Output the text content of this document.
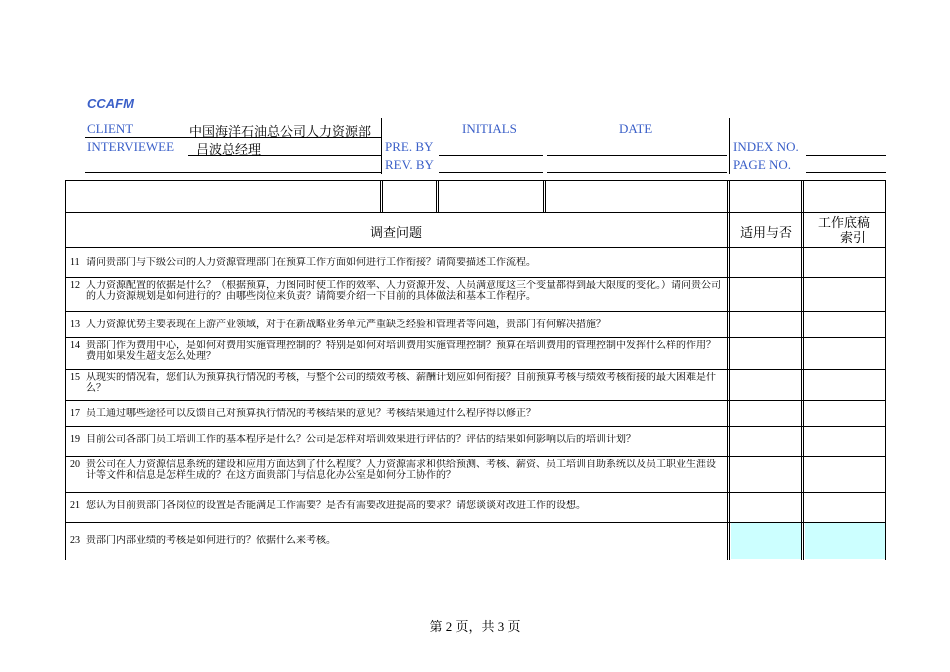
CCAFM
CLIENT	中国海洋石油总公司人力资源部
INTERVIEWEE 吕波总经理
INITIALS	DATE
PRE. BY
REV. BY
INDEX NO.
PAGE NO.
调查问题	适用与否
工作底稿
索引
11 请问贵部门与下级公司的人力资源管理部门在预算工作方面如何进行工作衔接？请简要描述工作流程。
12 人力资源配置的依据是什么？（根据预算，力图同时使工作的效率、人力资源开发、人员满意度这三个变量都得到最大限度的变化。）请问贵公司的人力资源规划是如何进行的？由哪些岗位来负责？请简要介绍一下目前的具体做法和基本工作程序。
13 人力资源优势主要表现在上游产业领域，对于在新战略业务单元严重缺乏经验和管理者等问题，贵部门有何解决措施？
14 贵部门作为费用中心，是如何对费用实施管理控制的？特别是如何对培训费用实施管理控制？预算在培训费用的管理控制中发挥什么样的作用？费用如果发生超支怎么处理？
15 从现实的情况看，您们认为预算执行情况的考核，与整个公司的绩效考核、薪酬计划应如何衔接？目前预算考核与绩效考核衔接的最大困难是什么？
17 员工通过哪些途径可以反馈自己对预算执行情况的考核结果的意见？考核结果通过什么程序得以修正？
19 目前公司各部门员工培训工作的基本程序是什么？公司是怎样对培训效果进行评估的？评估的结果如何影响以后的培训计划？
20 贵公司在人力资源信息系统的建设和应用方面达到了什么程度？人力资源需求和供给预测、考核、薪资、员工培训自助系统以及员工职业生涯设计等文件和信息是怎样生成的？在这方面贵部门与信息化办公室是如何分工协作的？
21 您认为目前贵部门各岗位的设置是否能满足工作需要？是否有需要改进提高的要求？请您谈谈对改进工作的设想。
23 贵部门内部业绩的考核是如何进行的？依据什么来考核。
第 2 页，共 3 页
